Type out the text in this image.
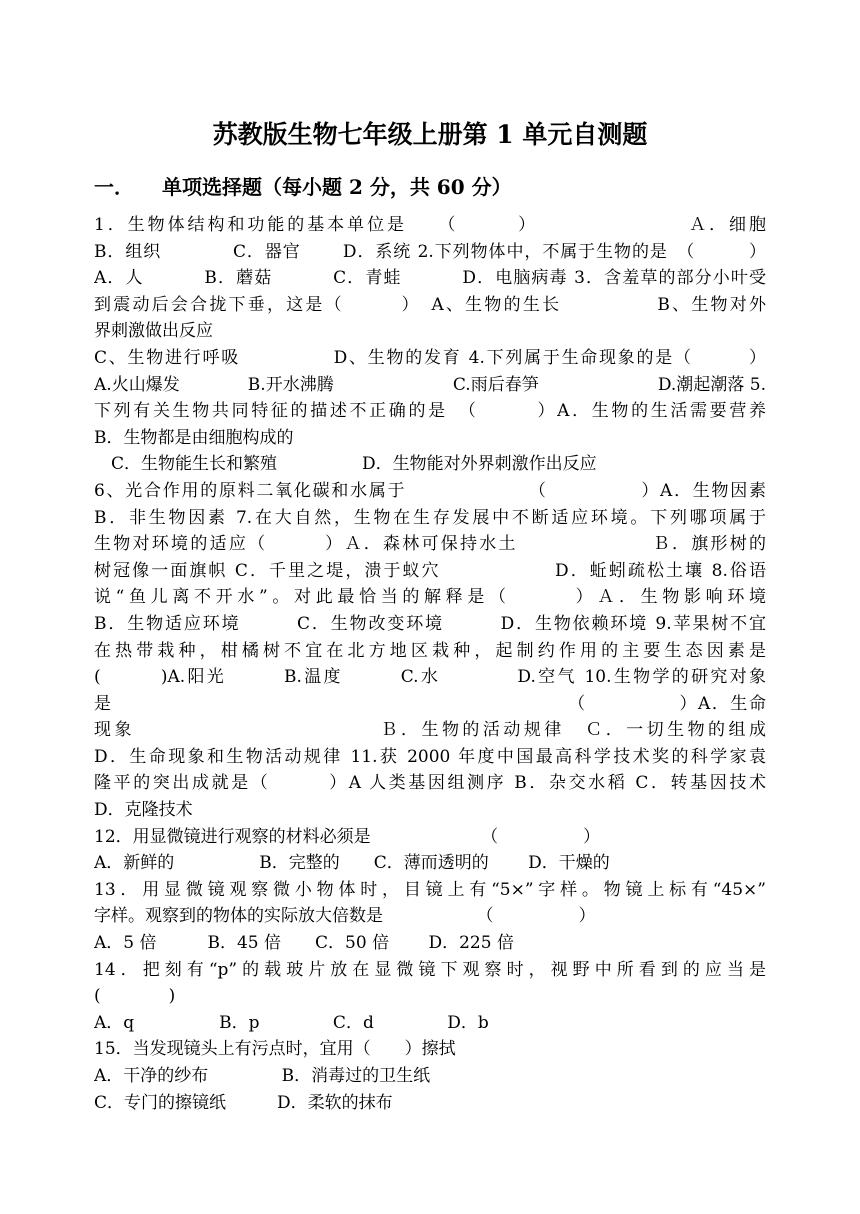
苏教版生物七年级上册第 1 单元自测题
一． 单项选择题（每小题 2 分，共 60 分）
1．生物体结构和功能的基本单位是　　（　　　）　　　　　　　　Ａ．细胞
B．组织　　　　C．器官　　 D．系统 2.下列物体中，不属于生物的是　（　　　）
A．人　　　 B．蘑菇　　　 C．青蛙　　　 D．电脑病毒 3．含羞草的部分小叶受
到震动后会合拢下垂，这是（　　　）　A、生物的生长　　　　　B、生物对外
界刺激做出反应
C、生物进行呼吸　　　　　D、生物的发育 4.下列属于生命现象的是（　　　）
A.火山爆发　　　　B.开水沸腾　　　　　　　C.雨后春笋　　　　　　　D.潮起潮落 5.
下列有关生物共同特征的描述不正确的是　（　　　）A．生物的生活需要营养
B．生物都是由细胞构成的
　C．生物能生长和繁殖　　　　　D．生物能对外界刺激作出反应
6、光合作用的原料二氧化碳和水属于　　　　　　　（　　　　　）A．生物因素
B．非生物因素 7.在大自然，生物在生存发展中不断适应环境。下列哪项属于
生物对环境的适应（　　　）Ａ．森林可保持水土　　　　　　　Ｂ．旗形树的
树冠像一面旗帜 C．千里之堤，溃于蚁穴　　　　　　D．蚯蚓疏松土壤 8.俗语
说“鱼儿离不开水”。对此最恰当的解释是（　　　）Ａ．生物影响环境
B．生物适应环境　　　C．生物改变环境　　　D．生物依赖环境 9.苹果树不宜
在热带栽种，柑橘树不宜在北方地区栽种，起制约作用的主要生态因素是
(　　　)A.阳光　　　B.温度　　　C.水　　　　D.空气 10.生物学的研究对象
是　　　　　　　　　　　　　　　　　　　　　　　　　（　　　　　）A．生命
现象　　　　　　　　　　　　Ｂ．生物的活动规律　Ｃ．一切生物的组成
D．生命现象和生物活动规律 11.获 2000 年度中国最高科学技术奖的科学家袁
隆平的突出成就是（　　　）A 人类基因组测序 B．杂交水稻 C．转基因技术
D．克隆技术
12．用显微镜进行观察的材料必须是　　　　　　　（　　　　　）
A．新鲜的　　　　　B．完整的　　C．薄而透明的　　 D．干燥的
13．用显微镜观察微小物体时，目镜上有“5×”字样。物镜上标有“45×”
字样。观察到的物体的实际放大倍数是　　　　　　（　　　　　）
A．5 倍　　　B．45 倍　　C．50 倍　　 D．225 倍
14．把刻有“p”的载玻片放在显微镜下观察时，视野中所看到的应当是
(　　　　)
A．q　　　　　B．p　　　　 C．d　　　　 D．b
15．当发现镜头上有污点时，宜用（　　）擦拭
A．干净的纱布　　　　 B．消毒过的卫生纸
C．专门的擦镜纸　　　D．柔软的抹布
